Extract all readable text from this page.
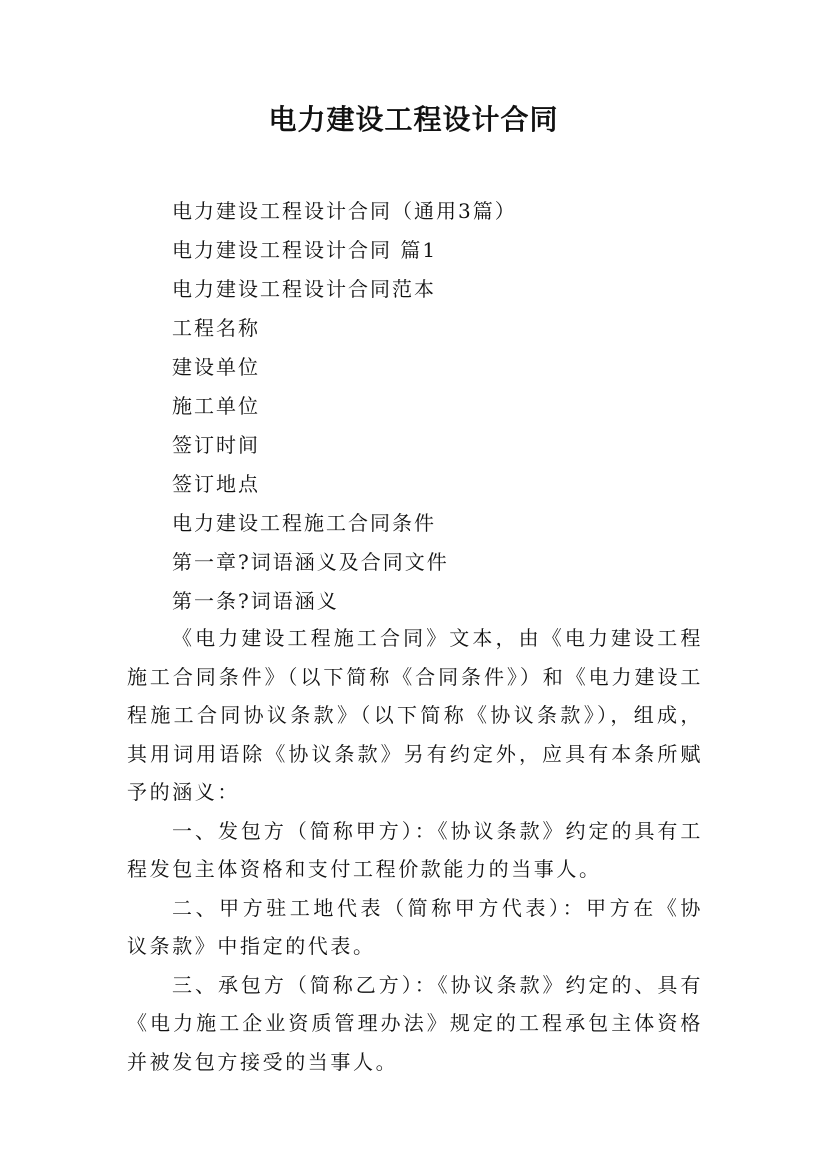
电力建设工程设计合同
电力建设工程设计合同（通用3篇）
电力建设工程设计合同 篇1
电力建设工程设计合同范本
工程名称
建设单位
施工单位
签订时间
签订地点
电力建设工程施工合同条件
第一章?词语涵义及合同文件
第一条?词语涵义

《电力建设工程施工合同》文本，由《电力建设工程施工合同条件》（以下简称《合同条件》）和《电力建设工程施工合同协议条款》（以下简称《协议条款》），组成，其用词用语除《协议条款》另有约定外，应具有本条所赋予的涵义：

一、发包方（简称甲方）：《协议条款》约定的具有工程发包主体资格和支付工程价款能力的当事人。

二、甲方驻工地代表（简称甲方代表）：甲方在《协议条款》中指定的代表。

三、承包方（简称乙方）：《协议条款》约定的、具有《电力施工企业资质管理办法》规定的工程承包主体资格并被发包方接受的当事人。
